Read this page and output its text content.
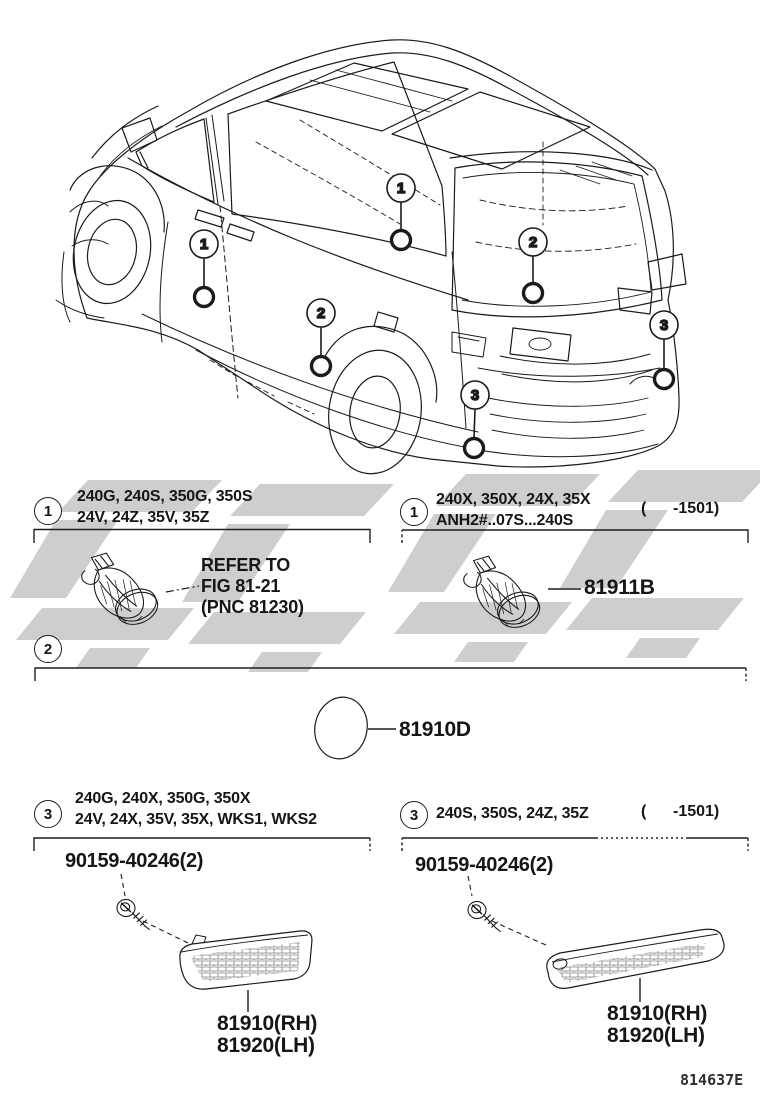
1
1	2
2
3
3
1	1
2
3	3
240G, 240S, 350G, 350S
24V, 24Z, 35V, 35Z
REFER TO
FIG 81-21
(PNC 81230)
240X, 350X, 24X, 35X
ANH2#..07S...240S
(      -1501)
81911B
81910D
240G, 240X, 350G, 350X
24V, 24X, 35V, 35X, WKS1, WKS2
90159-40246(2)
81910(RH)
81920(LH)
240S, 350S, 24Z, 35Z	(      -1501)
90159-40246(2)
81910(RH)
81920(LH)
814637E
